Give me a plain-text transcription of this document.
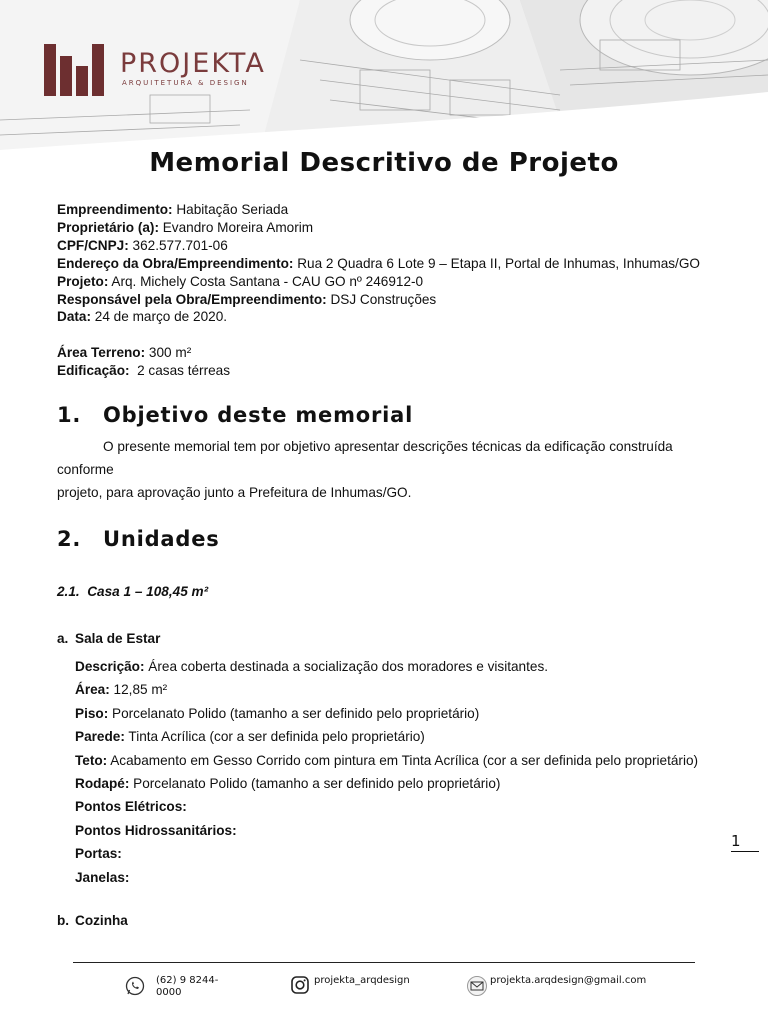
PROJEKTA
ARQUITETURA & DESIGN
Memorial Descritivo de Projeto
Empreendimento: Habitação Seriada
Proprietário (a): Evandro Moreira Amorim
CPF/CNPJ: 362.577.701-06
Endereço da Obra/Empreendimento: Rua 2 Quadra 6 Lote 9 – Etapa II, Portal de Inhumas, Inhumas/GO
Projeto: Arq. Michely Costa Santana - CAU GO nº 246912-0
Responsável pela Obra/Empreendimento: DSJ Construções
Data: 24 de março de 2020.
Área Terreno: 300 m²
Edificação:  2 casas térreas
1. Objetivo deste memorial
O presente memorial tem por objetivo apresentar descrições técnicas da edificação construída conforme
projeto, para aprovação junto a Prefeitura de Inhumas/GO.
2. Unidades
2.1.  Casa 1 – 108,45 m²
a. Sala de Estar
Descrição: Área coberta destinada a socialização dos moradores e visitantes.
Área: 12,85 m²
Piso: Porcelanato Polido (tamanho a ser definido pelo proprietário)
Parede: Tinta Acrílica (cor a ser definida pelo proprietário)
Teto: Acabamento em Gesso Corrido com pintura em Tinta Acrílica (cor a ser definida pelo proprietário)
Rodapé: Porcelanato Polido (tamanho a ser definido pelo proprietário)
Pontos Elétricos:
Pontos Hidrossanitários:
Portas:
Janelas:
b. Cozinha
1
(62) 9 8244-
0000
projekta_arqdesign	projekta.arqdesign@gmail.com
